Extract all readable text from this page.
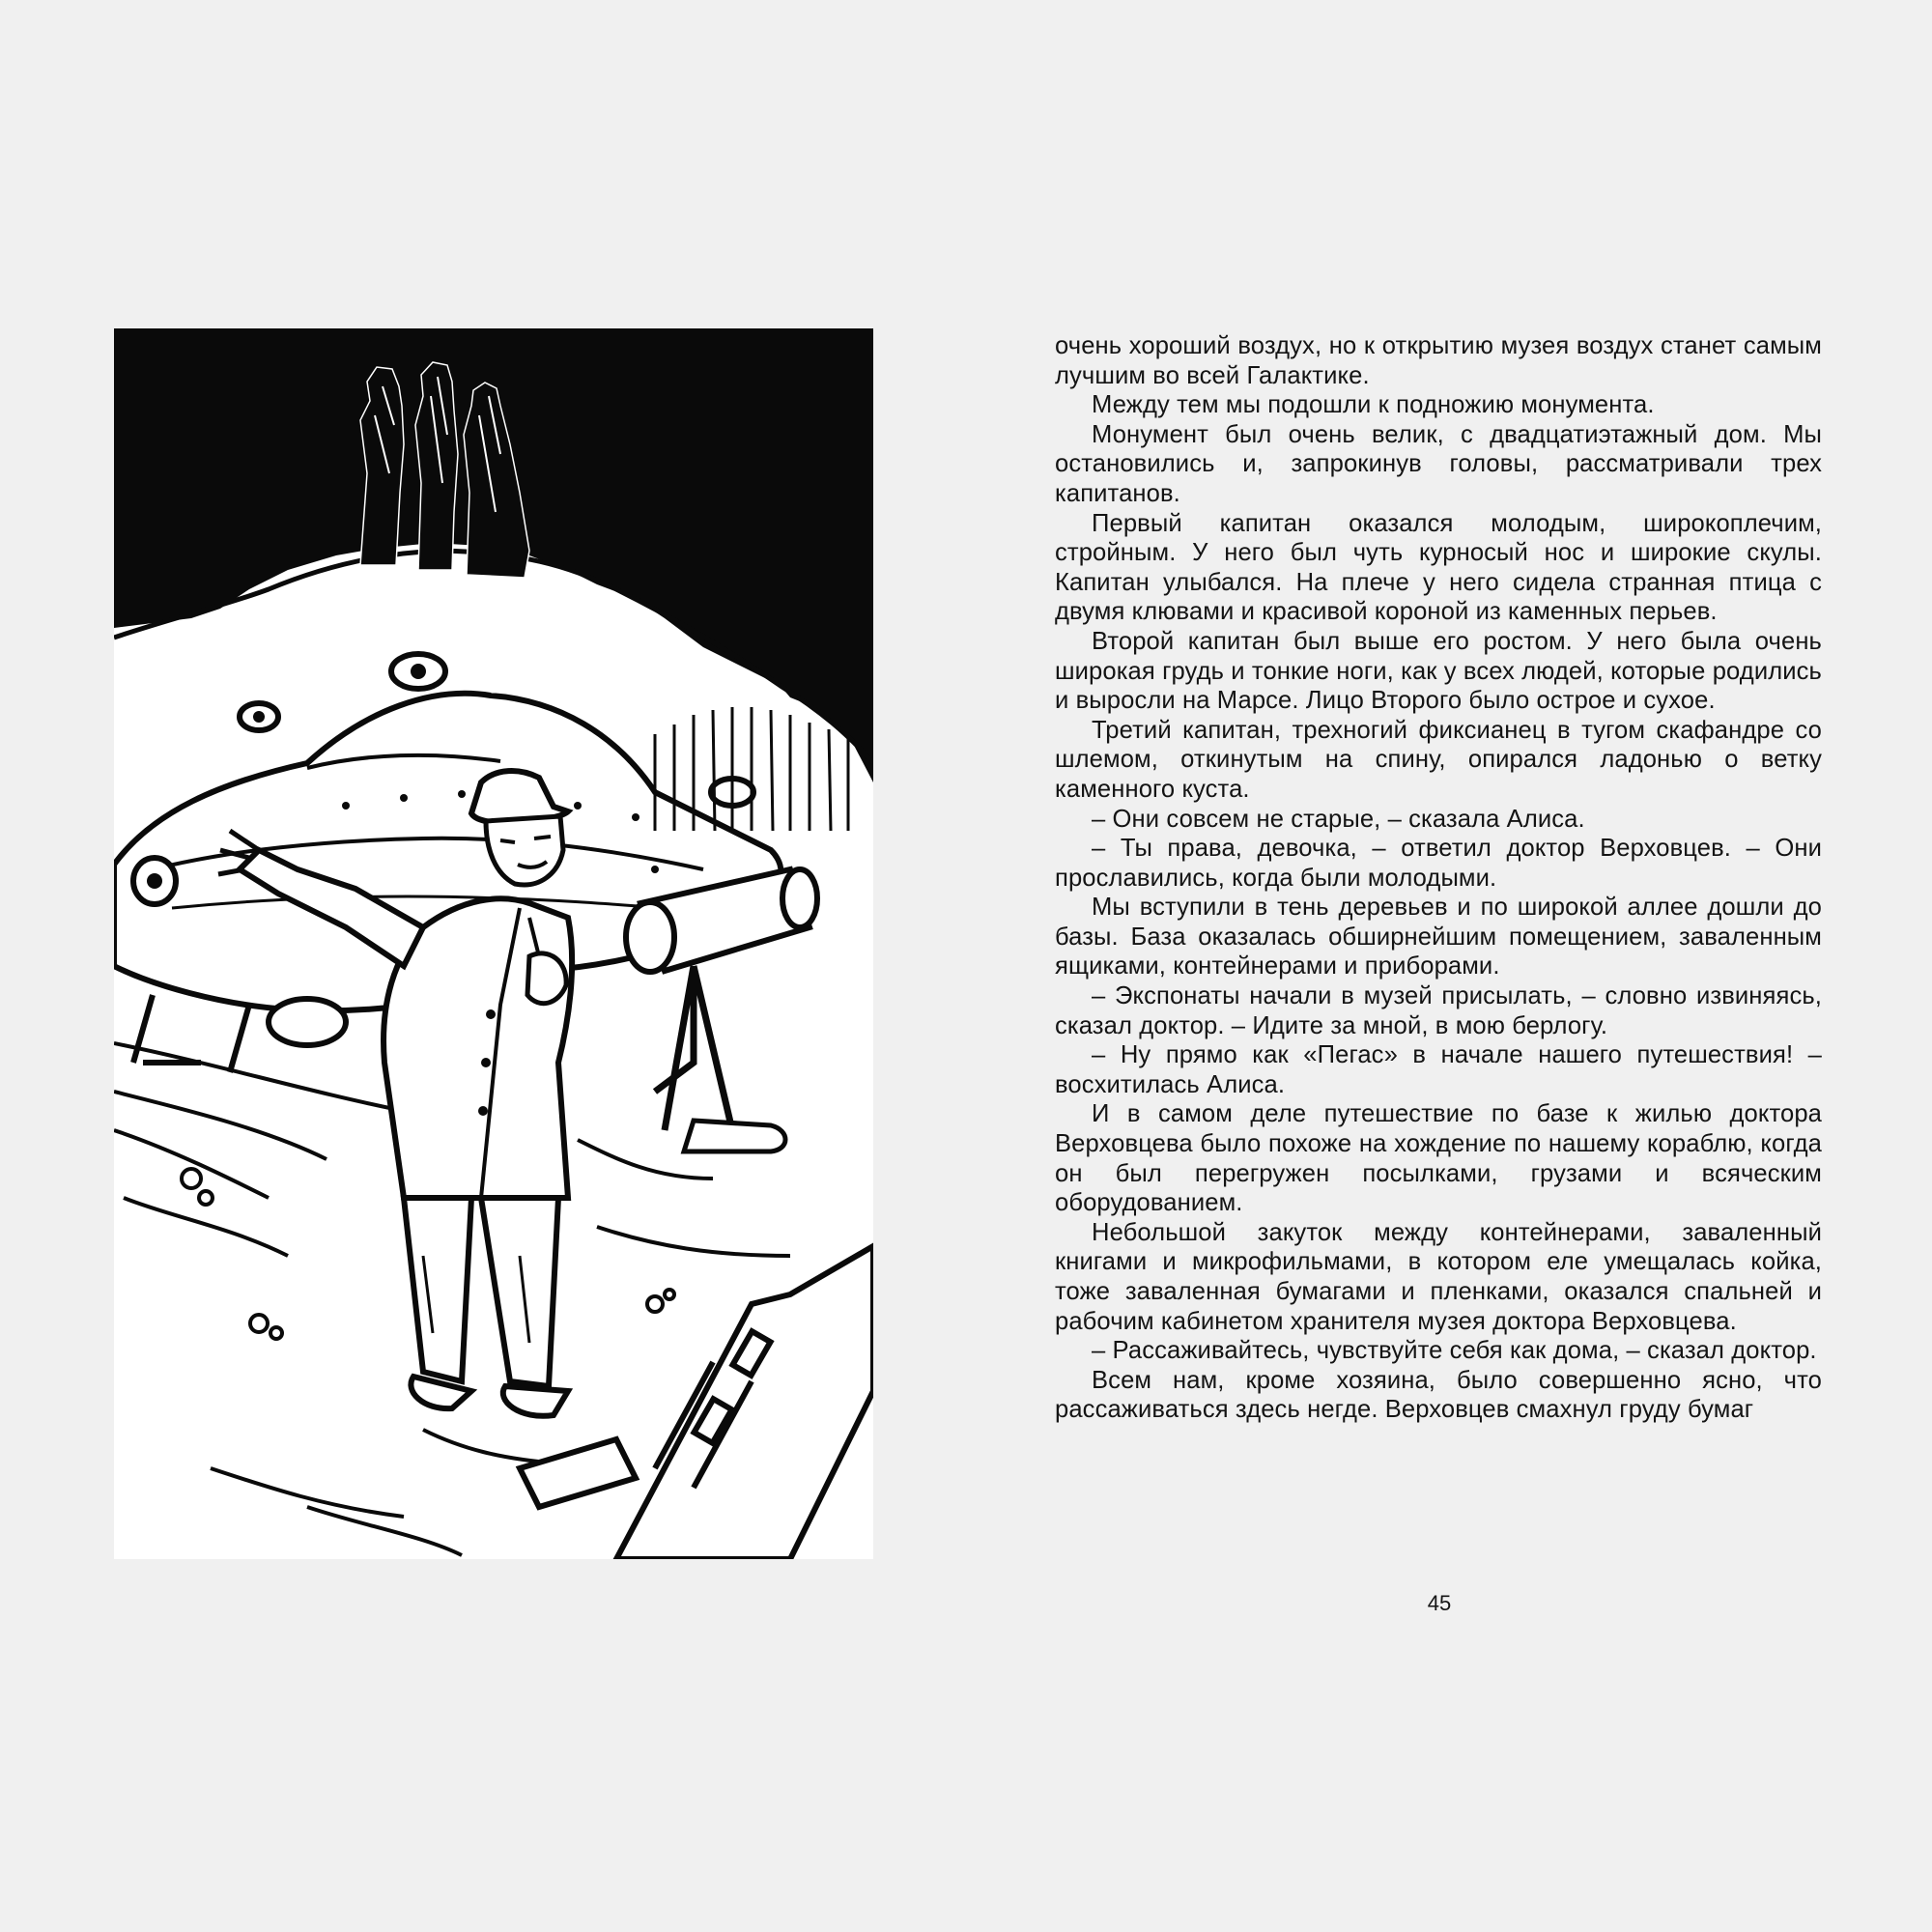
очень хороший воздух, но к открытию музея воздух станет самым лучшим во всей Галактике.

Между тем мы подошли к подножию монумента.

Монумент был очень велик, с двадцатиэтажный дом. Мы остановились и, запрокинув головы, рассматривали трех капитанов.

Первый капитан оказался молодым, широкоплечим, стройным. У него был чуть курносый нос и широкие скулы. Капитан улыбался. На плече у него сидела странная птица с двумя клювами и красивой короной из каменных перьев.

Второй капитан был выше его ростом. У него была очень широкая грудь и тонкие ноги, как у всех людей, которые родились и выросли на Марсе. Лицо Второго было острое и сухое.

Третий капитан, трехногий фиксианец в тугом скафандре со шлемом, откинутым на спину, опирался ладонью о ветку каменного куста.

– Они совсем не старые, – сказала Алиса.

– Ты права, девочка, – ответил доктор Верховцев. – Они прославились, когда были молодыми.

Мы вступили в тень деревьев и по широкой аллее дошли до базы. База оказалась обширнейшим помещением, заваленным ящиками, контейнерами и приборами.

– Экспонаты начали в музей присылать, – словно извиняясь, сказал доктор. – Идите за мной, в мою берлогу.

– Ну прямо как «Пегас» в начале нашего путешествия! – восхитилась Алиса.

И в самом деле путешествие по базе к жилью доктора Верховцева было похоже на хождение по нашему кораблю, когда он был перегружен посылками, грузами и всяческим оборудованием.

Небольшой закуток между контейнерами, заваленный книгами и микрофильмами, в котором еле умещалась койка, тоже заваленная бумагами и пленками, оказался спальней и рабочим кабинетом хранителя музея доктора Верховцева.

– Рассаживайтесь, чувствуйте себя как дома, – сказал доктор.

Всем нам, кроме хозяина, было совершенно ясно, что рассаживаться здесь негде. Верховцев смахнул груду бумаг

45
